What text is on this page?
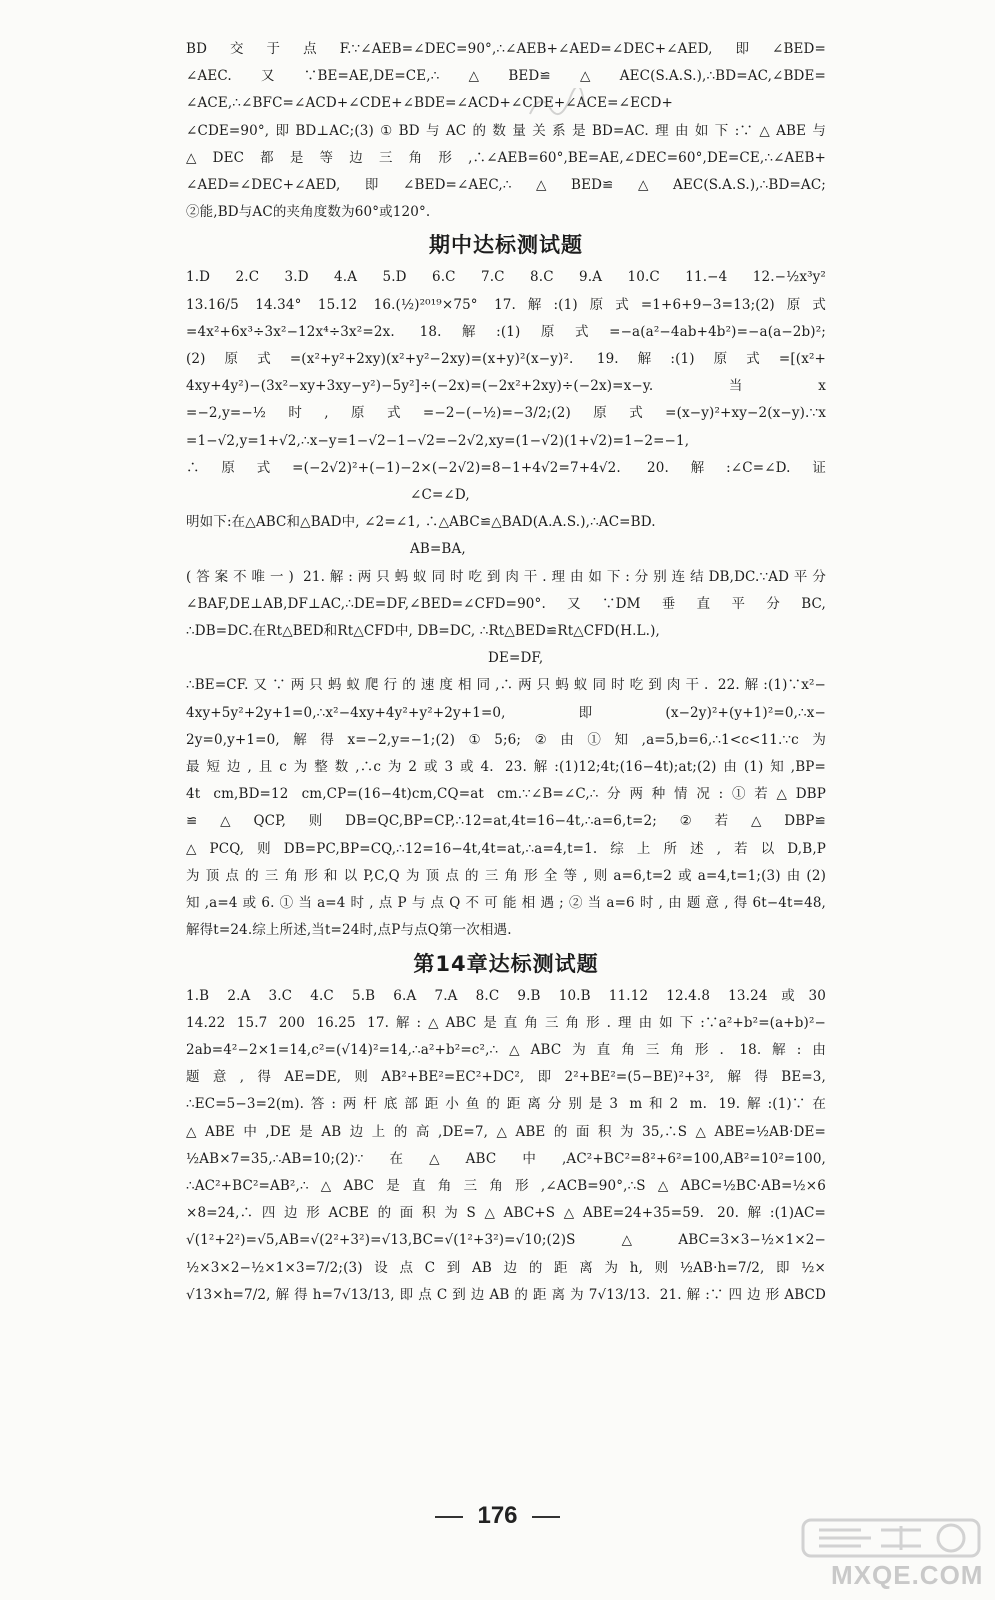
BD交于点F.∵∠AEB=∠DEC=90°,∴∠AEB+∠AED=∠DEC+∠AED,即∠BED=
∠AEC.又∵BE=AE,DE=CE,∴△BED≌△AEC(S.A.S.),∴BD=AC,∠BDE=
∠ACE,∴∠BFC=∠ACD+∠CDE+∠BDE=∠ACD+∠CDE+∠ACE=∠ECD+
∠CDE=90°,即BD⊥AC;(3)①BD与AC的数量关系是BD=AC.理由如下:∵△ABE与
△DEC都是等边三角形,∴∠AEB=60°,BE=AE,∠DEC=60°,DE=CE,∴∠AEB+
∠AED=∠DEC+∠AED,即∠BED=∠AEC,∴△BED≌△AEC(S.A.S.),∴BD=AC;
②能,BD与AC的夹角度数为60°或120°.
期中达标测试题
1.D 2.C 3.D 4.A 5.D 6.C 7.C 8.C 9.A 10.C 11.−4 12.−½x³y²
13.16/5 14.34° 15.12 16.(½)²⁰¹⁹×75° 17.解:(1)原式=1+6+9−3=13;(2)原式
=4x²+6x³÷3x²−12x⁴÷3x²=2x. 18.解:(1)原式=−a(a²−4ab+4b²)=−a(a−2b)²;
(2)原式=(x²+y²+2xy)(x²+y²−2xy)=(x+y)²(x−y)². 19.解:(1)原式=[(x²+
4xy+4y²)−(3x²−xy+3xy−y²)−5y²]÷(−2x)=(−2x²+2xy)÷(−2x)=x−y.当x
=−2,y=−½时,原式=−2−(−½)=−3/2;(2)原式=(x−y)²+xy−2(x−y).∵x
=1−√2,y=1+√2,∴x−y=1−√2−1−√2=−2√2,xy=(1−√2)(1+√2)=1−2=−1,
∴原式=(−2√2)²+(−1)−2×(−2√2)=8−1+4√2=7+4√2. 20.解:∠C=∠D.证
∠C=∠D,
明如下:在△ABC和△BAD中, ∠2=∠1, ∴△ABC≌△BAD(A.A.S.),∴AC=BD.
AB=BA,
(答案不唯一) 21.解:两只蚂蚁同时吃到肉干.理由如下:分别连结DB,DC.∵AD平分
∠BAF,DE⊥AB,DF⊥AC,∴DE=DF,∠BED=∠CFD=90°.又∵DM垂直平分BC,
∴DB=DC.在Rt△BED和Rt△CFD中, DB=DC, ∴Rt△BED≌Rt△CFD(H.L.),
DE=DF,
∴BE=CF.又∵两只蚂蚁爬行的速度相同,∴两只蚂蚁同时吃到肉干. 22.解:(1)∵x²−
4xy+5y²+2y+1=0,∴x²−4xy+4y²+y²+2y+1=0,即(x−2y)²+(y+1)²=0,∴x−
2y=0,y+1=0,解得x=−2,y=−1;(2)①5;6;②由①知,a=5,b=6,∴1<c<11.∵c为
最短边,且c为整数,∴c为2或3或4. 23.解:(1)12;4t;(16−4t);at;(2)由(1)知,BP=
4t cm,BD=12 cm,CP=(16−4t)cm,CQ=at cm.∵∠B=∠C,∴分两种情况:①若△DBP
≌△QCP,则DB=QC,BP=CP,∴12=at,4t=16−4t,∴a=6,t=2;②若△DBP≌
△PCQ,则DB=PC,BP=CQ,∴12=16−4t,4t=at,∴a=4,t=1.综上所述,若以D,B,P
为顶点的三角形和以P,C,Q为顶点的三角形全等,则a=6,t=2或a=4,t=1;(3)由(2)
知,a=4或6.①当a=4时,点P与点Q不可能相遇;②当a=6时,由题意,得6t−4t=48,
解得t=24.综上所述,当t=24时,点P与点Q第一次相遇.
第14章达标测试题
1.B 2.A 3.C 4.C 5.B 6.A 7.A 8.C 9.B 10.B 11.12 12.4.8 13.24或30
14.22 15.7 200 16.25 17.解:△ABC是直角三角形.理由如下:∵a²+b²=(a+b)²−
2ab=4²−2×1=14,c²=(√14)²=14,∴a²+b²=c²,∴△ABC为直角三角形. 18.解:由
题意,得AE=DE,则AB²+BE²=EC²+DC²,即2²+BE²=(5−BE)²+3²,解得BE=3,
∴EC=5−3=2(m).答:两杆底部距小鱼的距离分别是3 m和2 m. 19.解:(1)∵在
△ABE中,DE是AB边上的高,DE=7,△ABE的面积为35,∴S△ABE=½AB·DE=
½AB×7=35,∴AB=10;(2)∵在△ABC中,AC²+BC²=8²+6²=100,AB²=10²=100,
∴AC²+BC²=AB²,∴△ABC是直角三角形,∠ACB=90°,∴S△ABC=½BC·AB=½×6
×8=24,∴四边形ACBE的面积为S△ABC+S△ABE=24+35=59. 20.解:(1)AC=
√(1²+2²)=√5,AB=√(2²+3²)=√13,BC=√(1²+3²)=√10;(2)S△ABC=3×3−½×1×2−
½×3×2−½×1×3=7/2;(3)设点C到AB边的距离为h,则½AB·h=7/2,即½×
√13×h=7/2,解得h=7√13/13,即点C到边AB的距离为7√13/13. 21.解:∵四边形ABCD
176
MXQE.COM
